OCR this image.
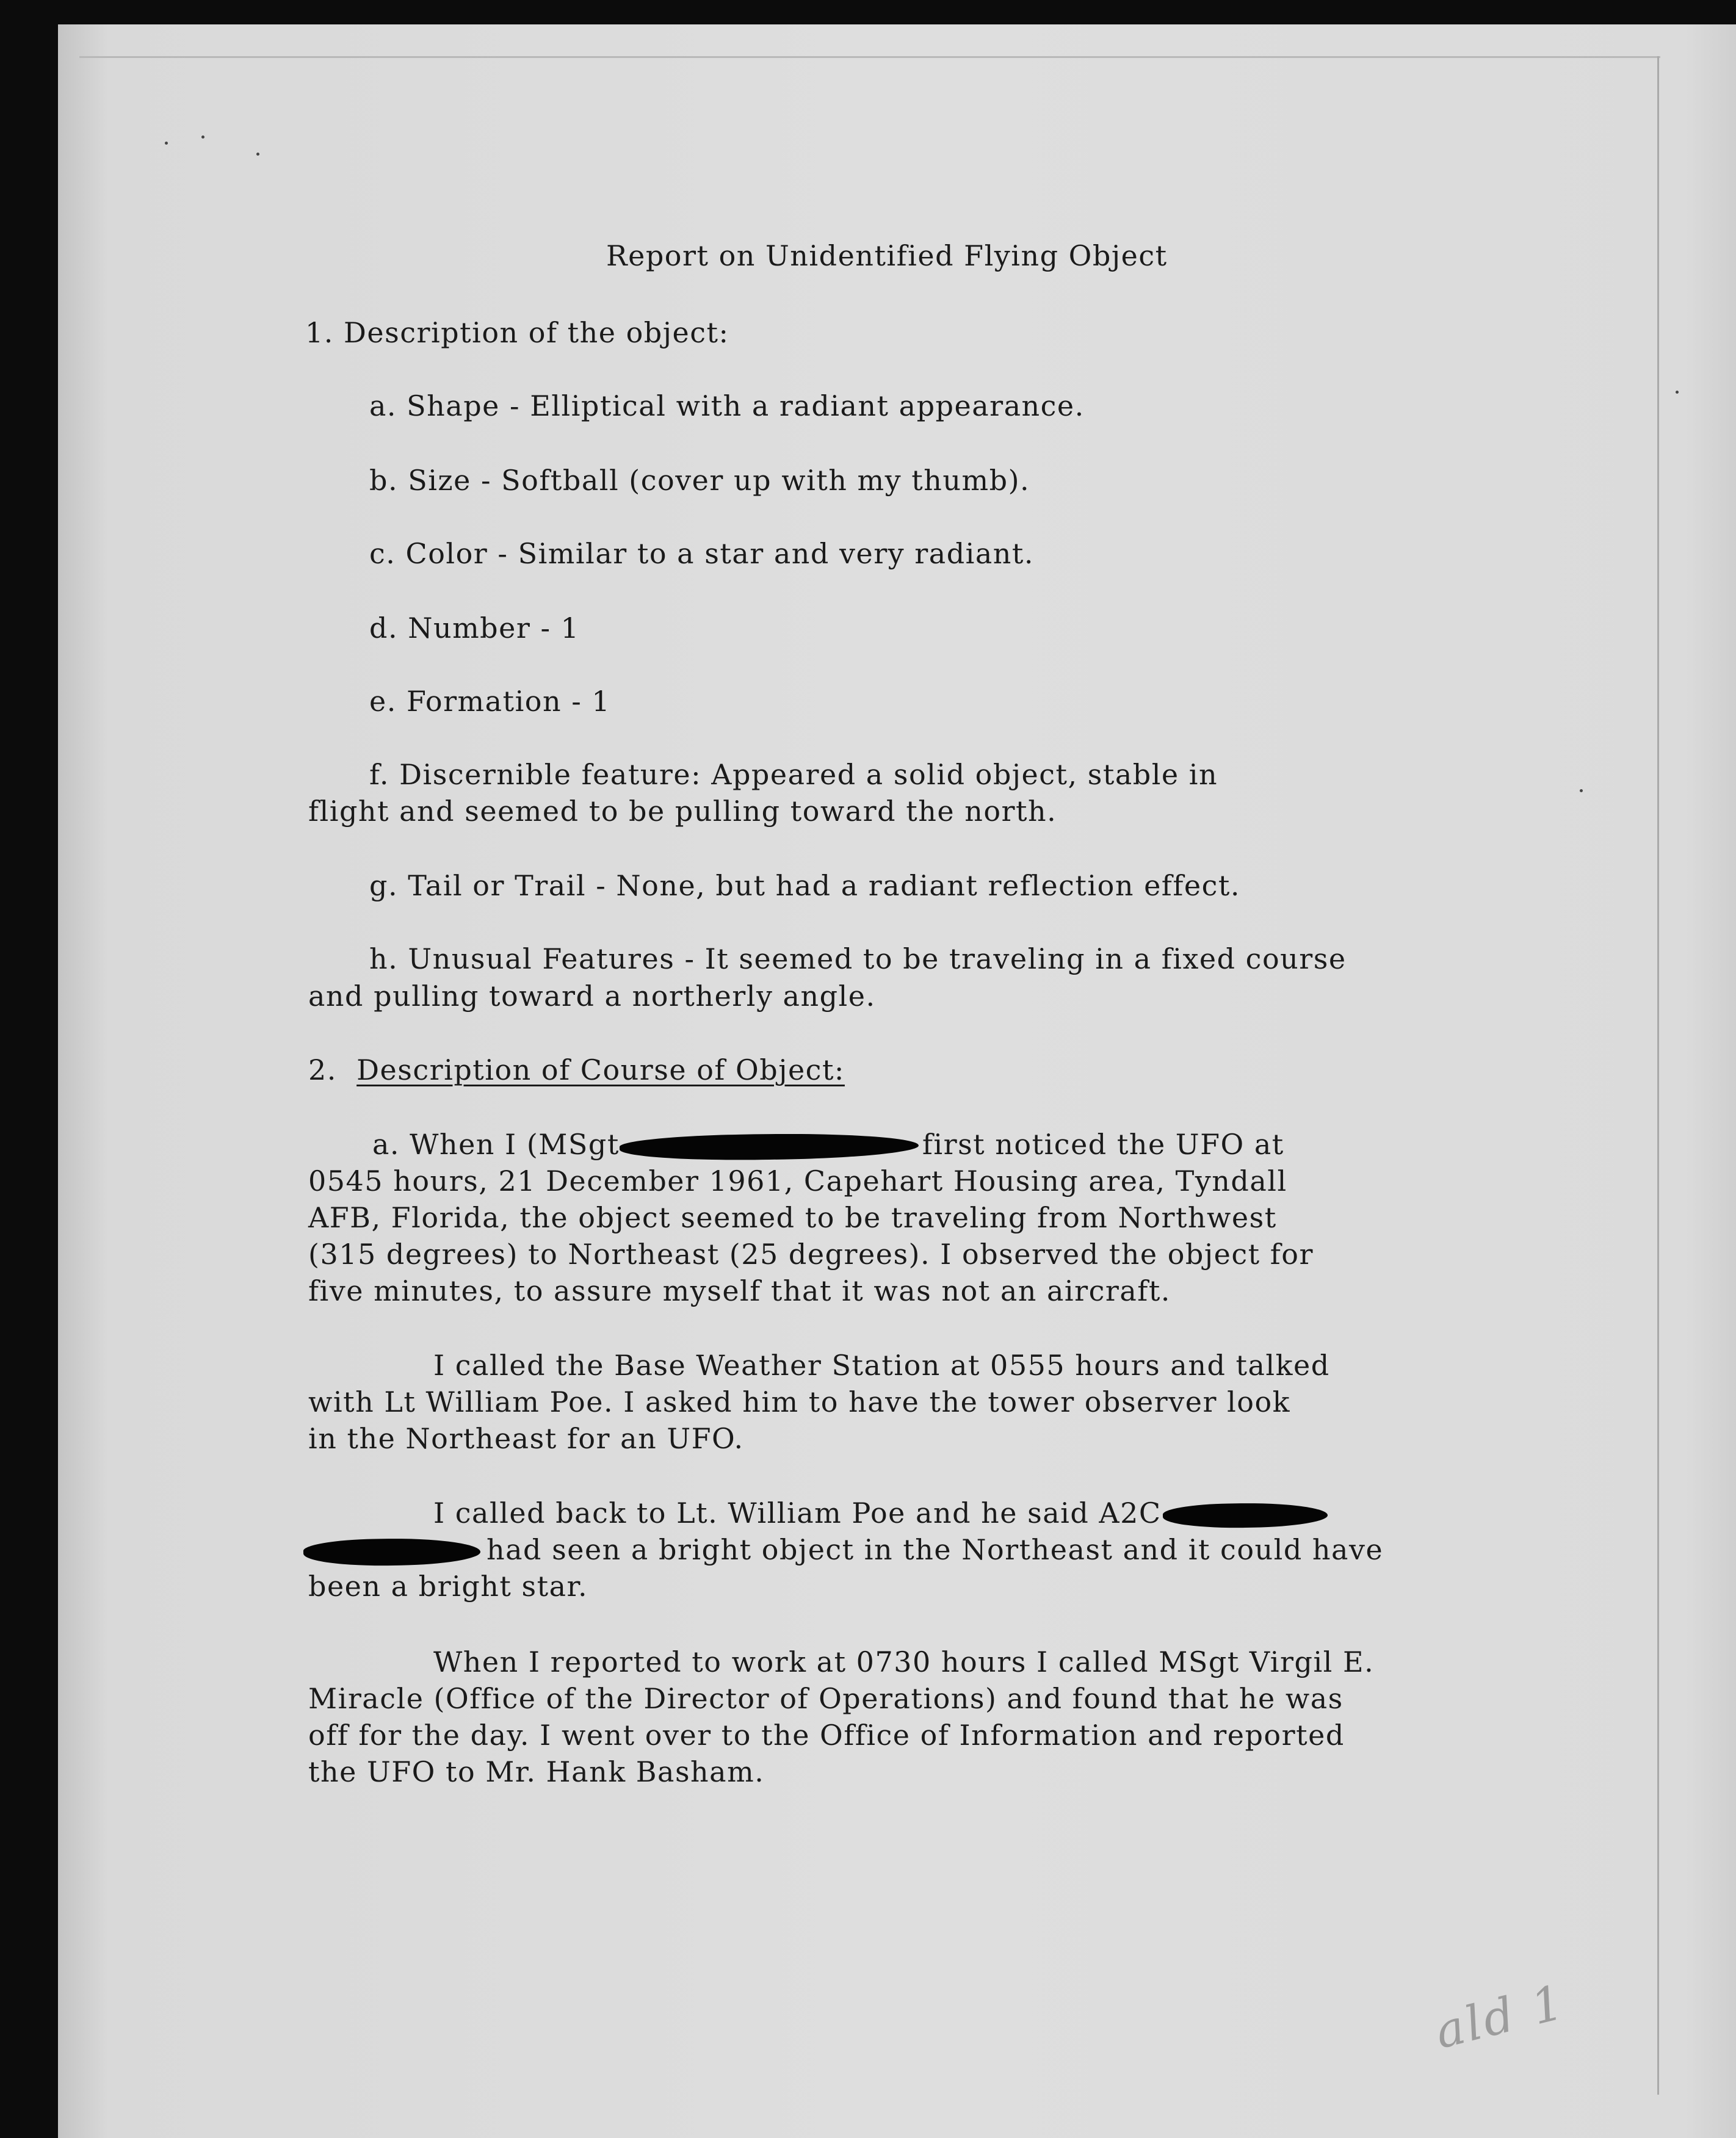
Report on Unidentified Flying Object
1. Description of the object:
a. Shape - Elliptical with a radiant appearance.
b. Size - Softball (cover up with my thumb).
c. Color - Similar to a star and very radiant.
d. Number - 1
e. Formation - 1
f. Discernible feature: Appeared a solid object, stable in
flight and seemed to be pulling toward the north.
g. Tail or Trail - None, but had a radiant reflection effect.
h. Unusual Features - It seemed to be traveling in a fixed course
and pulling toward a northerly angle.
2. Description of Course of Object:
a. When I (MSgt	first noticed the UFO at
0545 hours, 21 December 1961, Capehart Housing area, Tyndall
AFB, Florida, the object seemed to be traveling from Northwest
(315 degrees) to Northeast (25 degrees). I observed the object for
five minutes, to assure myself that it was not an aircraft.
I called the Base Weather Station at 0555 hours and talked
with Lt William Poe. I asked him to have the tower observer look
in the Northeast for an UFO.
I called back to Lt. William Poe and he said A2C
had seen a bright object in the Northeast and it could have
been a bright star.
When I reported to work at 0730 hours I called MSgt Virgil E.
Miracle (Office of the Director of Operations) and found that he was
off for the day. I went over to the Office of Information and reported
the UFO to Mr. Hank Basham.
ald 1
